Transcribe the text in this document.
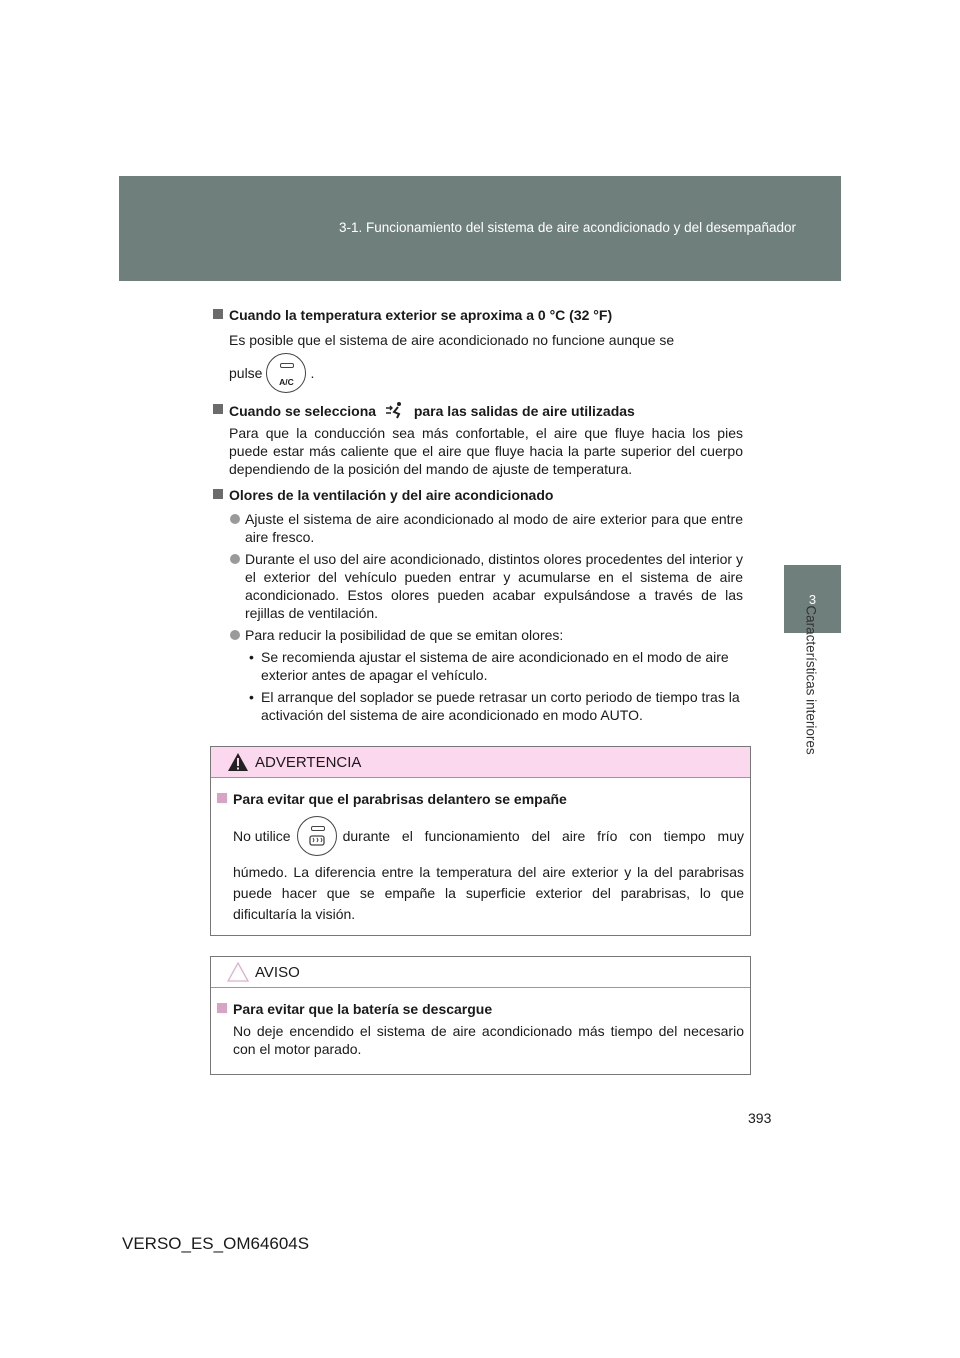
3-1. Funcionamiento del sistema de aire acondicionado y del desempañador
3
Características interiores
Cuando la temperatura exterior se aproxima a 0 °C (32 °F)
Es posible que el sistema de aire acondicionado no funcione aunque se
pulse
A/C
.
Cuando se selecciona	para las salidas de aire utilizadas
Para que la conducción sea más confortable, el aire que fluye hacia los pies puede estar más caliente que el aire que fluye hacia la parte superior del cuerpo dependiendo de la posición del mando de ajuste de temperatura.
Olores de la ventilación y del aire acondicionado
Ajuste el sistema de aire acondicionado al modo de aire exterior para que entre aire fresco.
Durante el uso del aire acondicionado, distintos olores procedentes del interior y el exterior del vehículo pueden entrar y acumularse en el sistema de aire acondicionado. Estos olores pueden acabar expulsándose a través de las rejillas de ventilación.
Para reducir la posibilidad de que se emitan olores:
• Se recomienda ajustar el sistema de aire acondicionado en el modo de aire exterior antes de apagar el vehículo.
• El arranque del soplador se puede retrasar un corto periodo de tiempo tras la activación del sistema de aire acondicionado en modo AUTO.
ADVERTENCIA
Para evitar que el parabrisas delantero se empañe
No utilice	durante el funcionamiento del aire frío con tiempo muy
húmedo. La diferencia entre la temperatura del aire exterior y la del parabrisas puede hacer que se empañe la superficie exterior del parabrisas, lo que dificultaría la visión.
AVISO
Para evitar que la batería se descargue
No deje encendido el sistema de aire acondicionado más tiempo del necesario con el motor parado.
393
VERSO_ES_OM64604S
